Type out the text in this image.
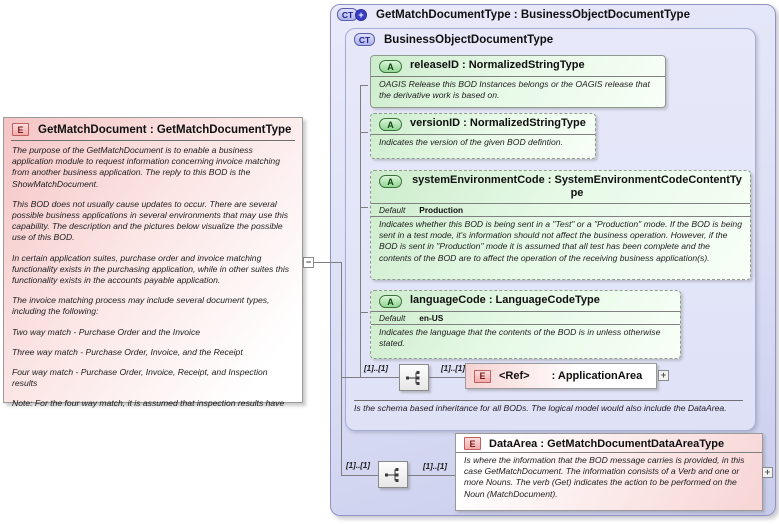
CT + GetMatchDocumentType : BusinessObjectDocumentType
CT	BusinessObjectDocumentType
A	releaseID : NormalizedStringType
OAGIS Release this BOD Instances belongs or the OAGIS release that the derivative work is based on.
A	versionID : NormalizedStringType
Indicates the version of the given BOD defintion.
A	systemEnvironmentCode : SystemEnvironmentCodeContentType
Default Production
Indicates whether this BOD is being sent in a "Test" or a "Production" mode. If the BOD is being sent in a test mode, it's information should not affect the business operation. However, if the BOD is sent in "Production" mode it is assumed that all test has been complete and the contents of the BOD are to affect the operation of the receiving business application(s).
A	languageCode : LanguageCodeType
Default en-US
Indicates the language that the contents of the BOD is in unless otherwise stated.
Is the schema based inheritance for all BODs. The logical model would also include the DataArea.
E	GetMatchDocument : GetMatchDocumentType

The purpose of the GetMatchDocument is to enable a business application module to request information concerning invoice matching from another business application. The reply to this BOD is the ShowMatchDocument.

This BOD does not usually cause updates to occur. There are several possible business applications in several environments that may use this capability. The description and the pictures below visualize the possible use of this BOD.

In certain application suites, purchase order and invoice matching functionality exists in the purchasing application, while in other suites this functionality exists in the accounts payable application.

The invoice matching process may include several document types, including the following:

Two way match - Purchase Order and the Invoice

Three way match - Purchase Order, Invoice, and the Receipt

Four way match - Purchase Order, Invoice, Receipt, and Inspection results

Note: For the four way match, it is assumed that inspection results have

−
[1]..[1]	[1]..[1]
E	<Ref> : ApplicationArea	+
[1]..[1]	[1]..[1]
E	DataArea : GetMatchDocumentDataAreaType
Is where the information that the BOD message carries is provided, in this case GetMatchDocument. The information consists of a Verb and one or more Nouns. The verb (Get) indicates the action to be performed on the Noun (MatchDocument).
+
